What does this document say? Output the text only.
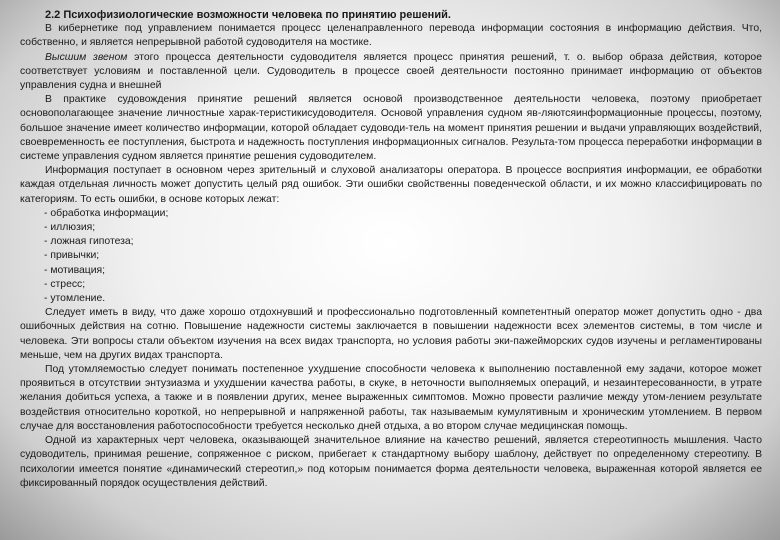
2.2 Психофизиологические возможности человека по принятию решений.

В кибернетике под управлением понимается процесс целенаправленного перевода информации состояния в информацию действия. Что, собственно, и является непрерывной работой судоводителя на мостике.

Высшим звеном этого процесса деятельности судоводителя является процесс принятия решений, т. о. выбор образа действия, которое соответствует условиям и поставленной цели. Судоводитель в процессе своей деятельности постоянно принимает информацию от объектов управления судна и внешней

В практике судовождения принятие решений является основой производственное деятельности человека, поэтому приобретает основополагающее значение личностные харак-теристикисудоводителя. Основой управления судном яв-ляютсяинформационные процессы, поэтому, большое значение имеет количество информации, которой обладает судоводи-тель на момент принятия решении и выдачи управляющих воздействий, своевременность ее поступления, быстрота и надежность поступления информационных сигналов. Результа-том процесса переработки информации в системе управления судном является принятие решения судоводителем.

Информация поступает в основном через зрительный и слуховой анализаторы оператора. В процессе восприятия информации, ее обработки каждая отдельная личность может допустить целый ряд ошибок. Эти ошибки свойственны поведенческой области, и их можно классифицировать по категориям. То есть ошибки, в основе которых лежат:

- обработка информации;
- иллюзия;
- ложная гипотеза;
- привычки;
- мотивация;
- стресс;
- утомление.

Следует иметь в виду, что даже хорошо отдохнувший и профессионально подготовленный компетентный оператор может допустить одно - два ошибочных действия на сотню. Повышение надежности системы заключается в повышении надежности всех элементов системы, в том числе и человека. Эти вопросы стали объектом изучения на всех видах транспорта, но условия работы эки-пажейморских судов изучены и регламентированы меньше, чем на других видах транспорта.

Под утомляемостью следует понимать постепенное ухудшение способности человека к выполнению поставленной ему задачи, которое может проявиться в отсутствии энтузиазма и ухудшении качества работы, в скуке, в неточности выполняемых операций, и незаинтересованности, в утрате желания добиться успеха, а также и в появлении других, менее выраженных симптомов. Можно провести различие между утом-лением результате воздействия относительно короткой, но непрерывной и напряженной работы, так называемым кумулятивным и хроническим утомлением. В первом случае для восстановления работоспособности требуется несколько дней отдыха, а во втором случае медицинская помощь.

Одной из характерных черт человека, оказывающей значительное влияние на качество решений, является стереотипность мышления. Часто судоводитель, принимая решение, сопряженное с риском, прибегает к стандартному выбору шаблону, действует по определенному стереотипу. В психологии имеется понятие «динамический стереотип,» под которым понимается форма деятельности человека, выраженная которой является ее фиксированный порядок осуществления действий.
